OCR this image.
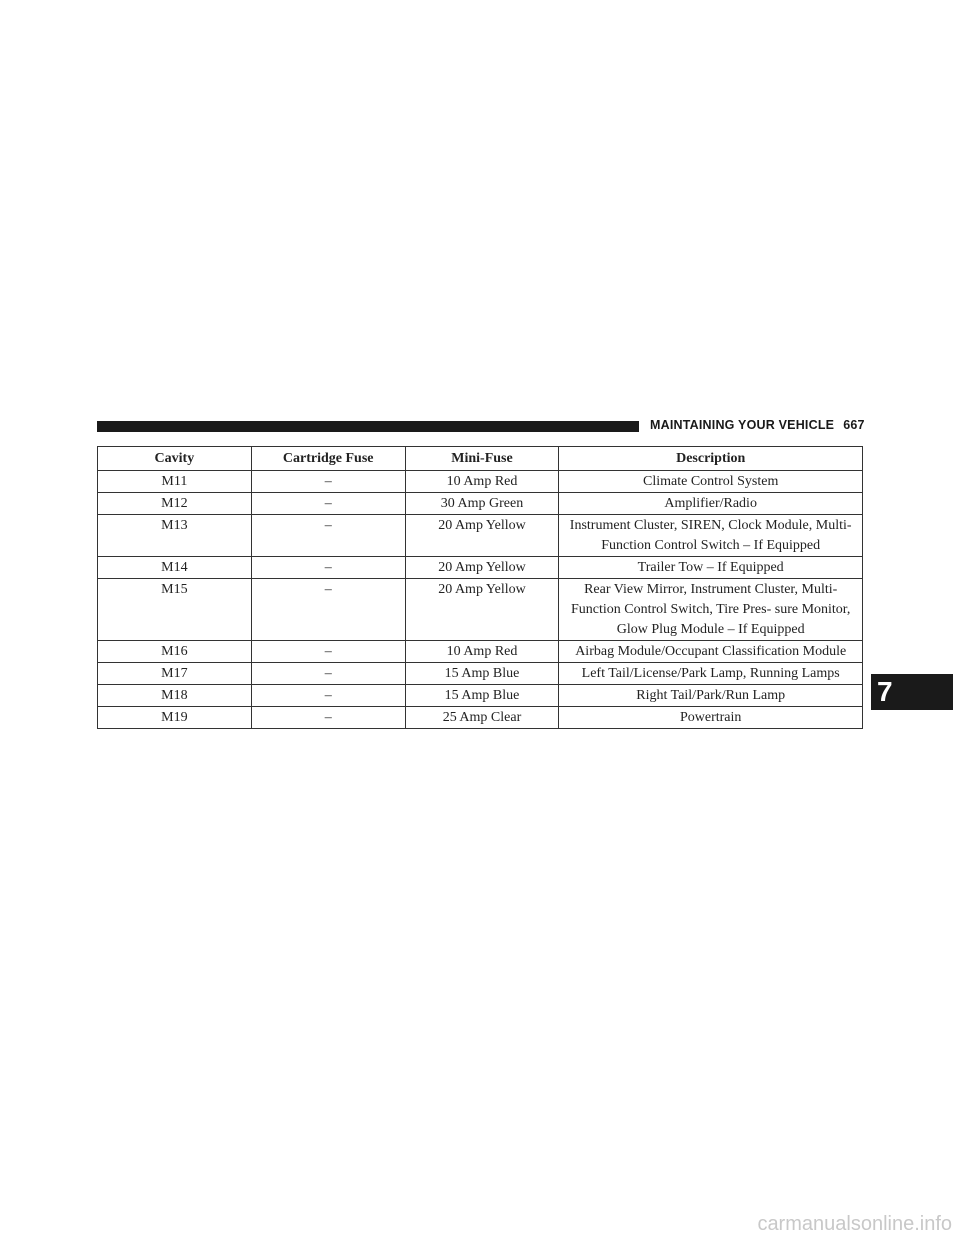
MAINTAINING YOUR VEHICLE 667
Cavity	Cartridge Fuse	Mini-Fuse	Description
M11	–	10 Amp Red	Climate Control System
M12	–	30 Amp Green	Amplifier/Radio
M13	–	20 Amp Yellow	Instrument Cluster, SIREN, Clock Module, Multi-Function Control Switch – If Equipped
M14	–	20 Amp Yellow	Trailer Tow – If Equipped
M15	–	20 Amp Yellow	Rear View Mirror, Instrument Cluster, Multi-Function Control Switch, Tire Pres- sure Monitor, Glow Plug Module – If Equipped
M16	–	10 Amp Red	Airbag Module/Occupant Classification Module
M17	–	15 Amp Blue	Left Tail/License/Park Lamp, Running Lamps
M18	–	15 Amp Blue	Right Tail/Park/Run Lamp
M19	–	25 Amp Clear	Powertrain
7
carmanualsonline.info
